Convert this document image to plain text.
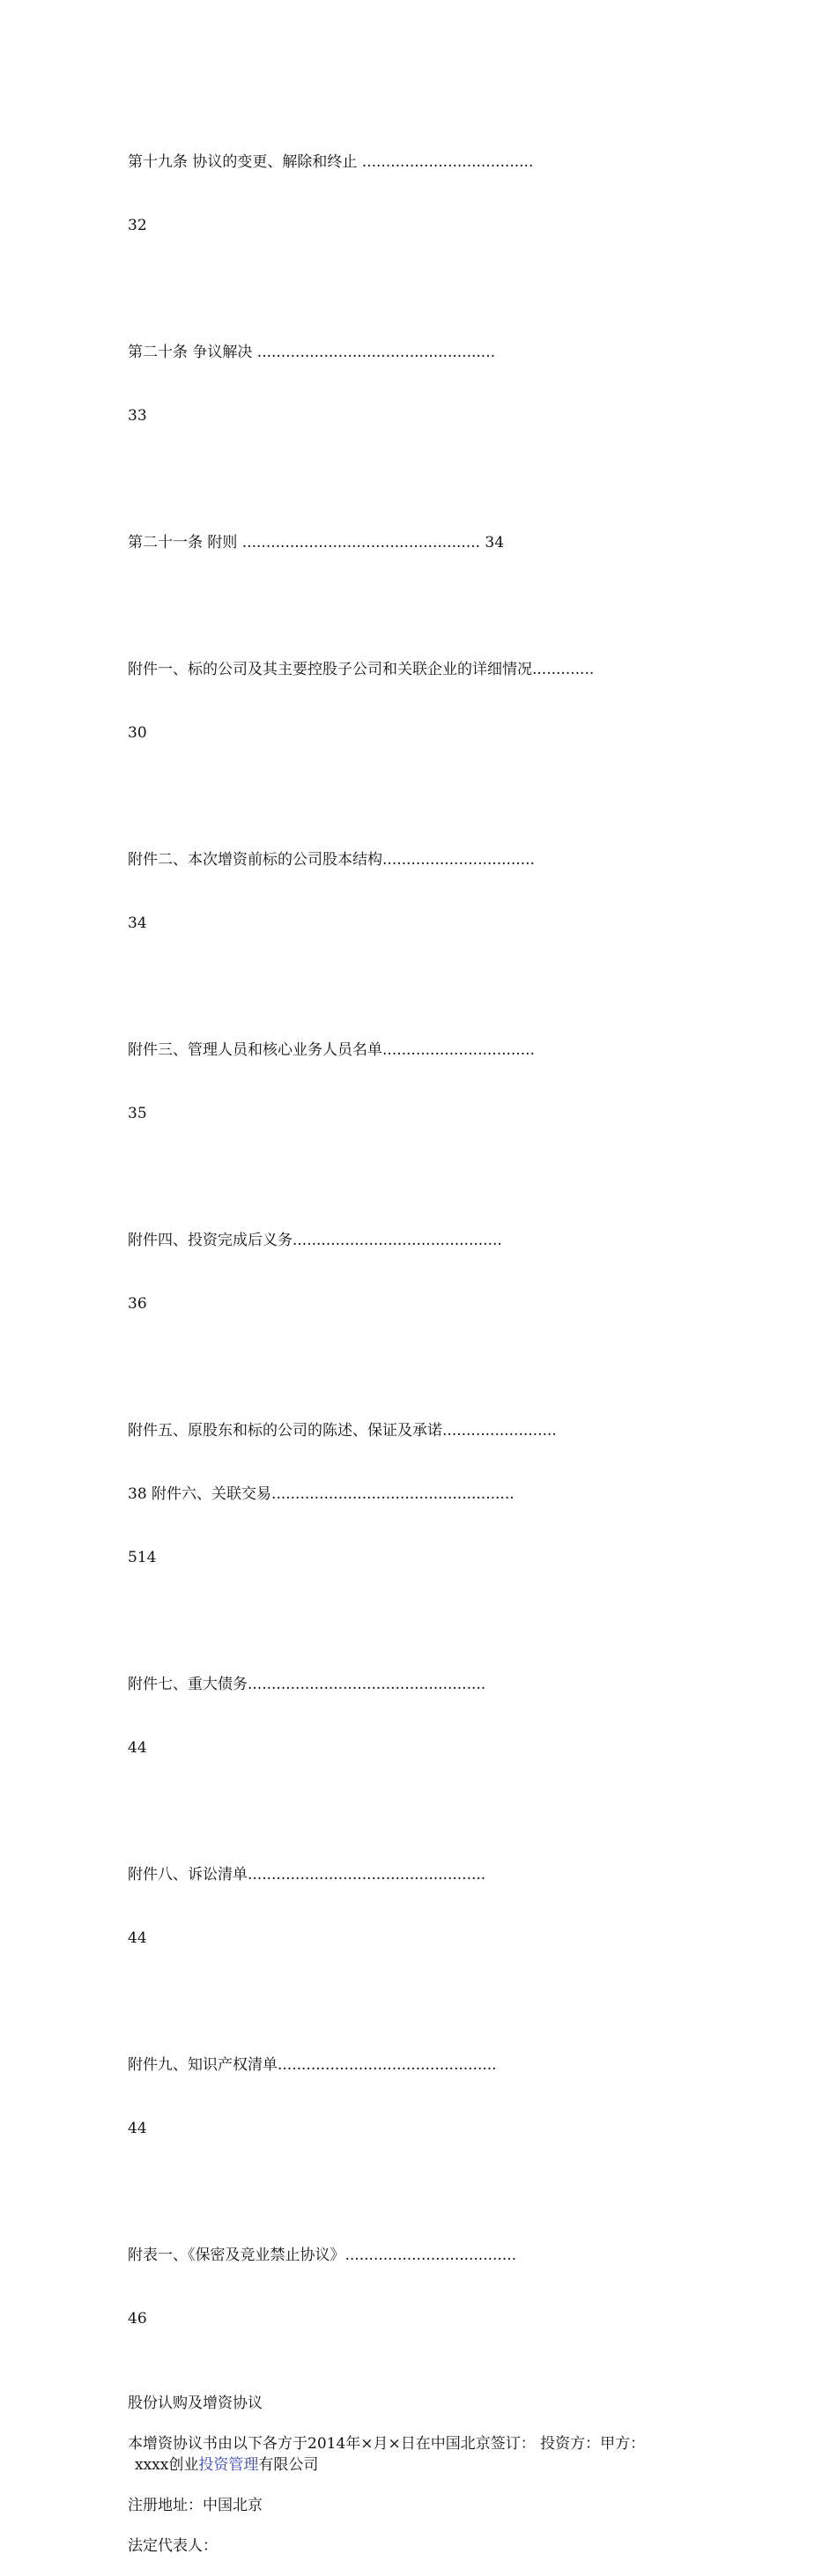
第十九条 协议的变更、解除和终止 ....................................

32

第二十条 争议解决 ..................................................

33

第二十一条 附则 .................................................. 34

附件一、标的公司及其主要控股子公司和关联企业的详细情况.............

30

附件二、本次增资前标的公司股本结构................................

34

附件三、管理人员和核心业务人员名单................................

35

附件四、投资完成后义务............................................

36

附件五、原股东和标的公司的陈述、保证及承诺........................

38 附件六、关联交易...................................................

514

附件七、重大债务..................................................

44

附件八、诉讼清单..................................................

44

附件九、知识产权清单..............................................

44

附表一、《保密及竞业禁止协议》....................................

46

股份认购及增资协议

本增资协议书由以下各方于2014年×月×日在中国北京签订： 投资方：甲方：
xxxx创业投资管理有限公司

注册地址：中国北京

法定代表人：
